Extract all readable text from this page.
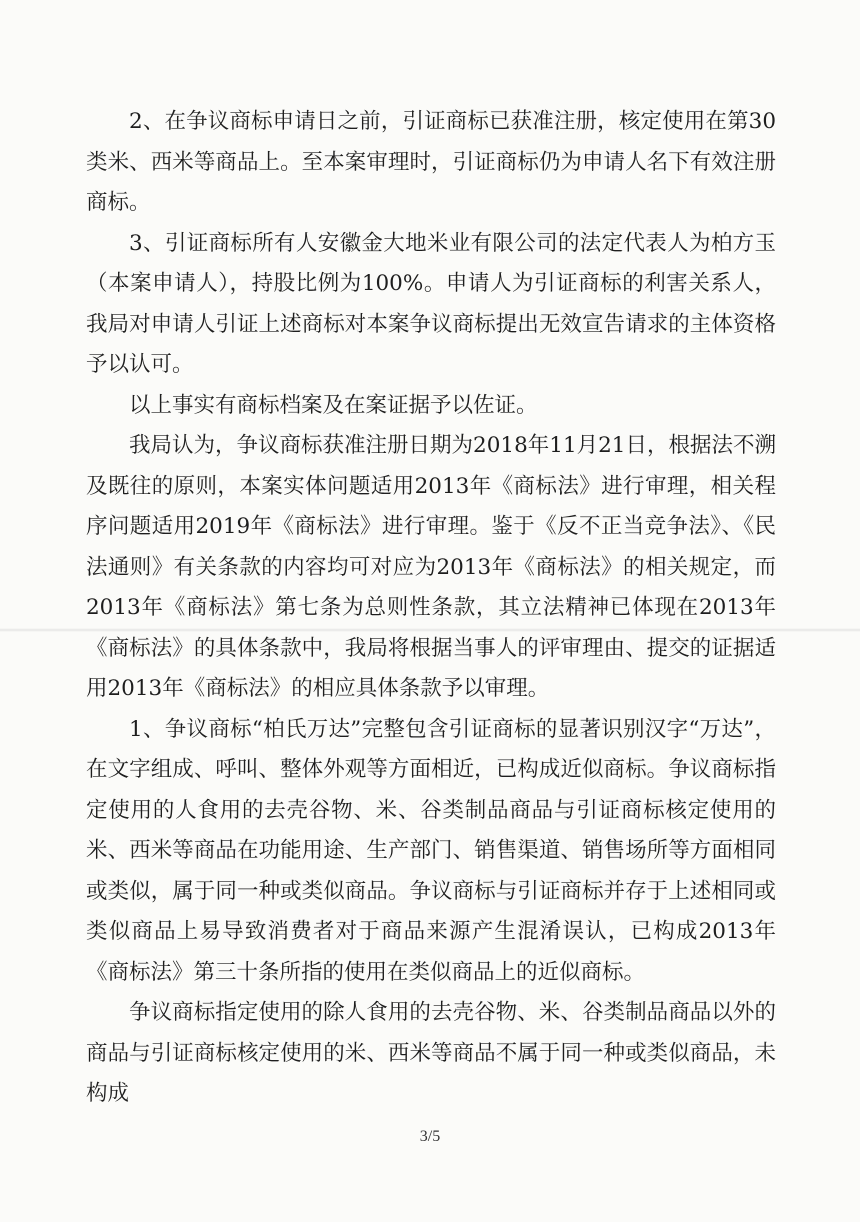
2、在争议商标申请日之前，引证商标已获准注册，核定使用在第30类米、西米等商品上。至本案审理时，引证商标仍为申请人名下有效注册商标。

3、引证商标所有人安徽金大地米业有限公司的法定代表人为柏方玉（本案申请人），持股比例为100%。申请人为引证商标的利害关系人，我局对申请人引证上述商标对本案争议商标提出无效宣告请求的主体资格予以认可。

以上事实有商标档案及在案证据予以佐证。

我局认为，争议商标获准注册日期为2018年11月21日，根据法不溯及既往的原则，本案实体问题适用2013年《商标法》进行审理，相关程序问题适用2019年《商标法》进行审理。鉴于《反不正当竞争法》、《民法通则》有关条款的内容均可对应为2013年《商标法》的相关规定，而2013年《商标法》第七条为总则性条款，其立法精神已体现在2013年《商标法》的具体条款中，我局将根据当事人的评审理由、提交的证据适用2013年《商标法》的相应具体条款予以审理。

1、争议商标“柏氏万达”完整包含引证商标的显著识别汉字“万达”，在文字组成、呼叫、整体外观等方面相近，已构成近似商标。争议商标指定使用的人食用的去壳谷物、米、谷类制品商品与引证商标核定使用的米、西米等商品在功能用途、生产部门、销售渠道、销售场所等方面相同或类似，属于同一种或类似商品。争议商标与引证商标并存于上述相同或类似商品上易导致消费者对于商品来源产生混淆误认，已构成2013年《商标法》第三十条所指的使用在类似商品上的近似商标。

争议商标指定使用的除人食用的去壳谷物、米、谷类制品商品以外的商品与引证商标核定使用的米、西米等商品不属于同一种或类似商品，未构成

3/5
